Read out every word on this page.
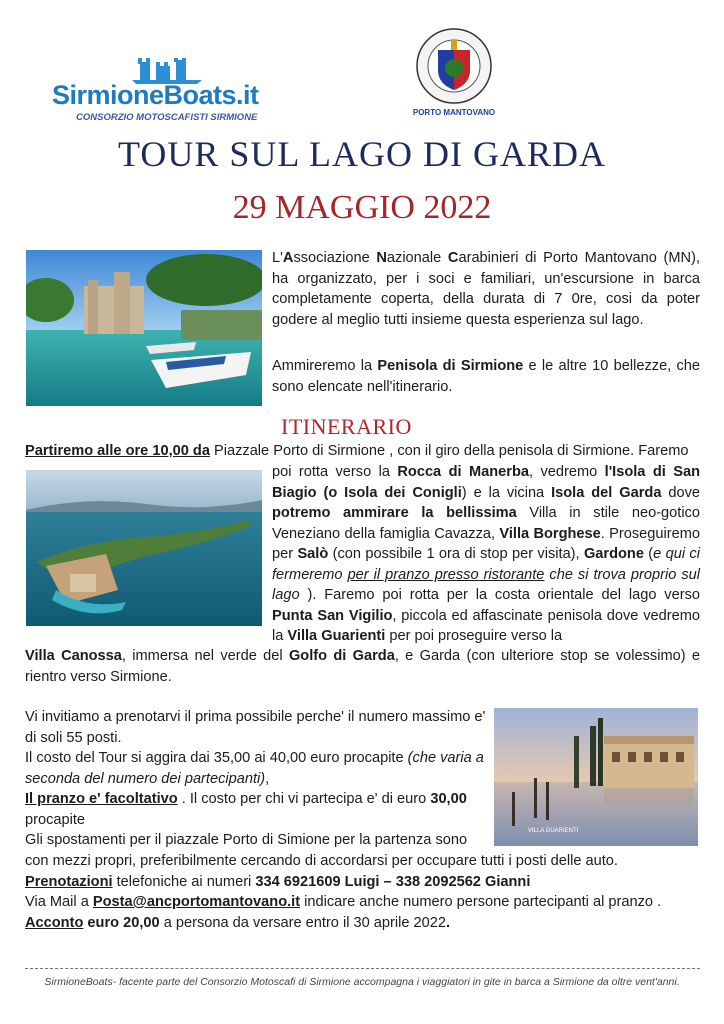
SirmioneBoats.it
CONSORZIO MOTOSCAFISTI SIRMIONE	PORTO MANTOVANO
TOUR SUL LAGO DI GARDA
29 MAGGIO 2022
L'Associazione Nazionale Carabinieri di Porto Mantovano (MN), ha organizzato, per i soci e familiari, un'escursione in barca completamente coperta, della durata di 7 0re, cosi da poter godere al meglio tutti insieme questa esperienza sul lago.
Ammireremo la Penisola di Sirmione e le altre 10 bellezze, che sono elencate nell'itinerario.
ITINERARIO
Partiremo alle ore 10,00 da Piazzale Porto di Sirmione , con il giro della penisola di Sirmione. Faremo
poi rotta verso la Rocca di Manerba, vedremo l'Isola di San Biagio (o Isola dei Conigli) e la vicina Isola del Garda dove potremo ammirare la bellissima Villa in stile neo-gotico Veneziano della famiglia Cavazza, Villa Borghese. Proseguiremo per Salò (con possibile 1 ora di stop per visita), Gardone (e qui ci fermeremo per il pranzo presso ristorante che si trova proprio sul lago ). Faremo poi rotta per la costa orientale del lago verso Punta San Vigilio, piccola ed affascinate penisola dove vedremo la Villa Guarienti per poi proseguire verso la
Villa Canossa, immersa nel verde del Golfo di Garda, e Garda (con ulteriore stop se volessimo) e rientro verso Sirmione.
VILLA GUARIENTI
Vi invitiamo a prenotarvi il prima possibile perche' il numero massimo e' di soli 55 posti.
Il costo del Tour si aggira dai 35,00 ai 40,00 euro procapite (che varia a seconda del numero dei partecipanti),
Il pranzo e' facoltativo . Il costo per chi vi partecipa e' di euro 30,00 procapite
Gli spostamenti per il piazzale Porto di Simione per la partenza sono
con mezzi propri, preferibilmente cercando di accordarsi per occupare tutti i posti delle auto.
Prenotazioni telefoniche ai numeri 334 6921609 Luigi – 338 2092562 Gianni
Via Mail a Posta@ancportomantovano.it indicare anche numero persone partecipanti al pranzo .
Acconto euro 20,00 a persona da versare entro il 30 aprile 2022.
SirmioneBoats- facente parte del Consorzio Motoscafi di Sirmione accompagna i viaggiatori in gite in barca a Sirmione da oltre vent'anni.
